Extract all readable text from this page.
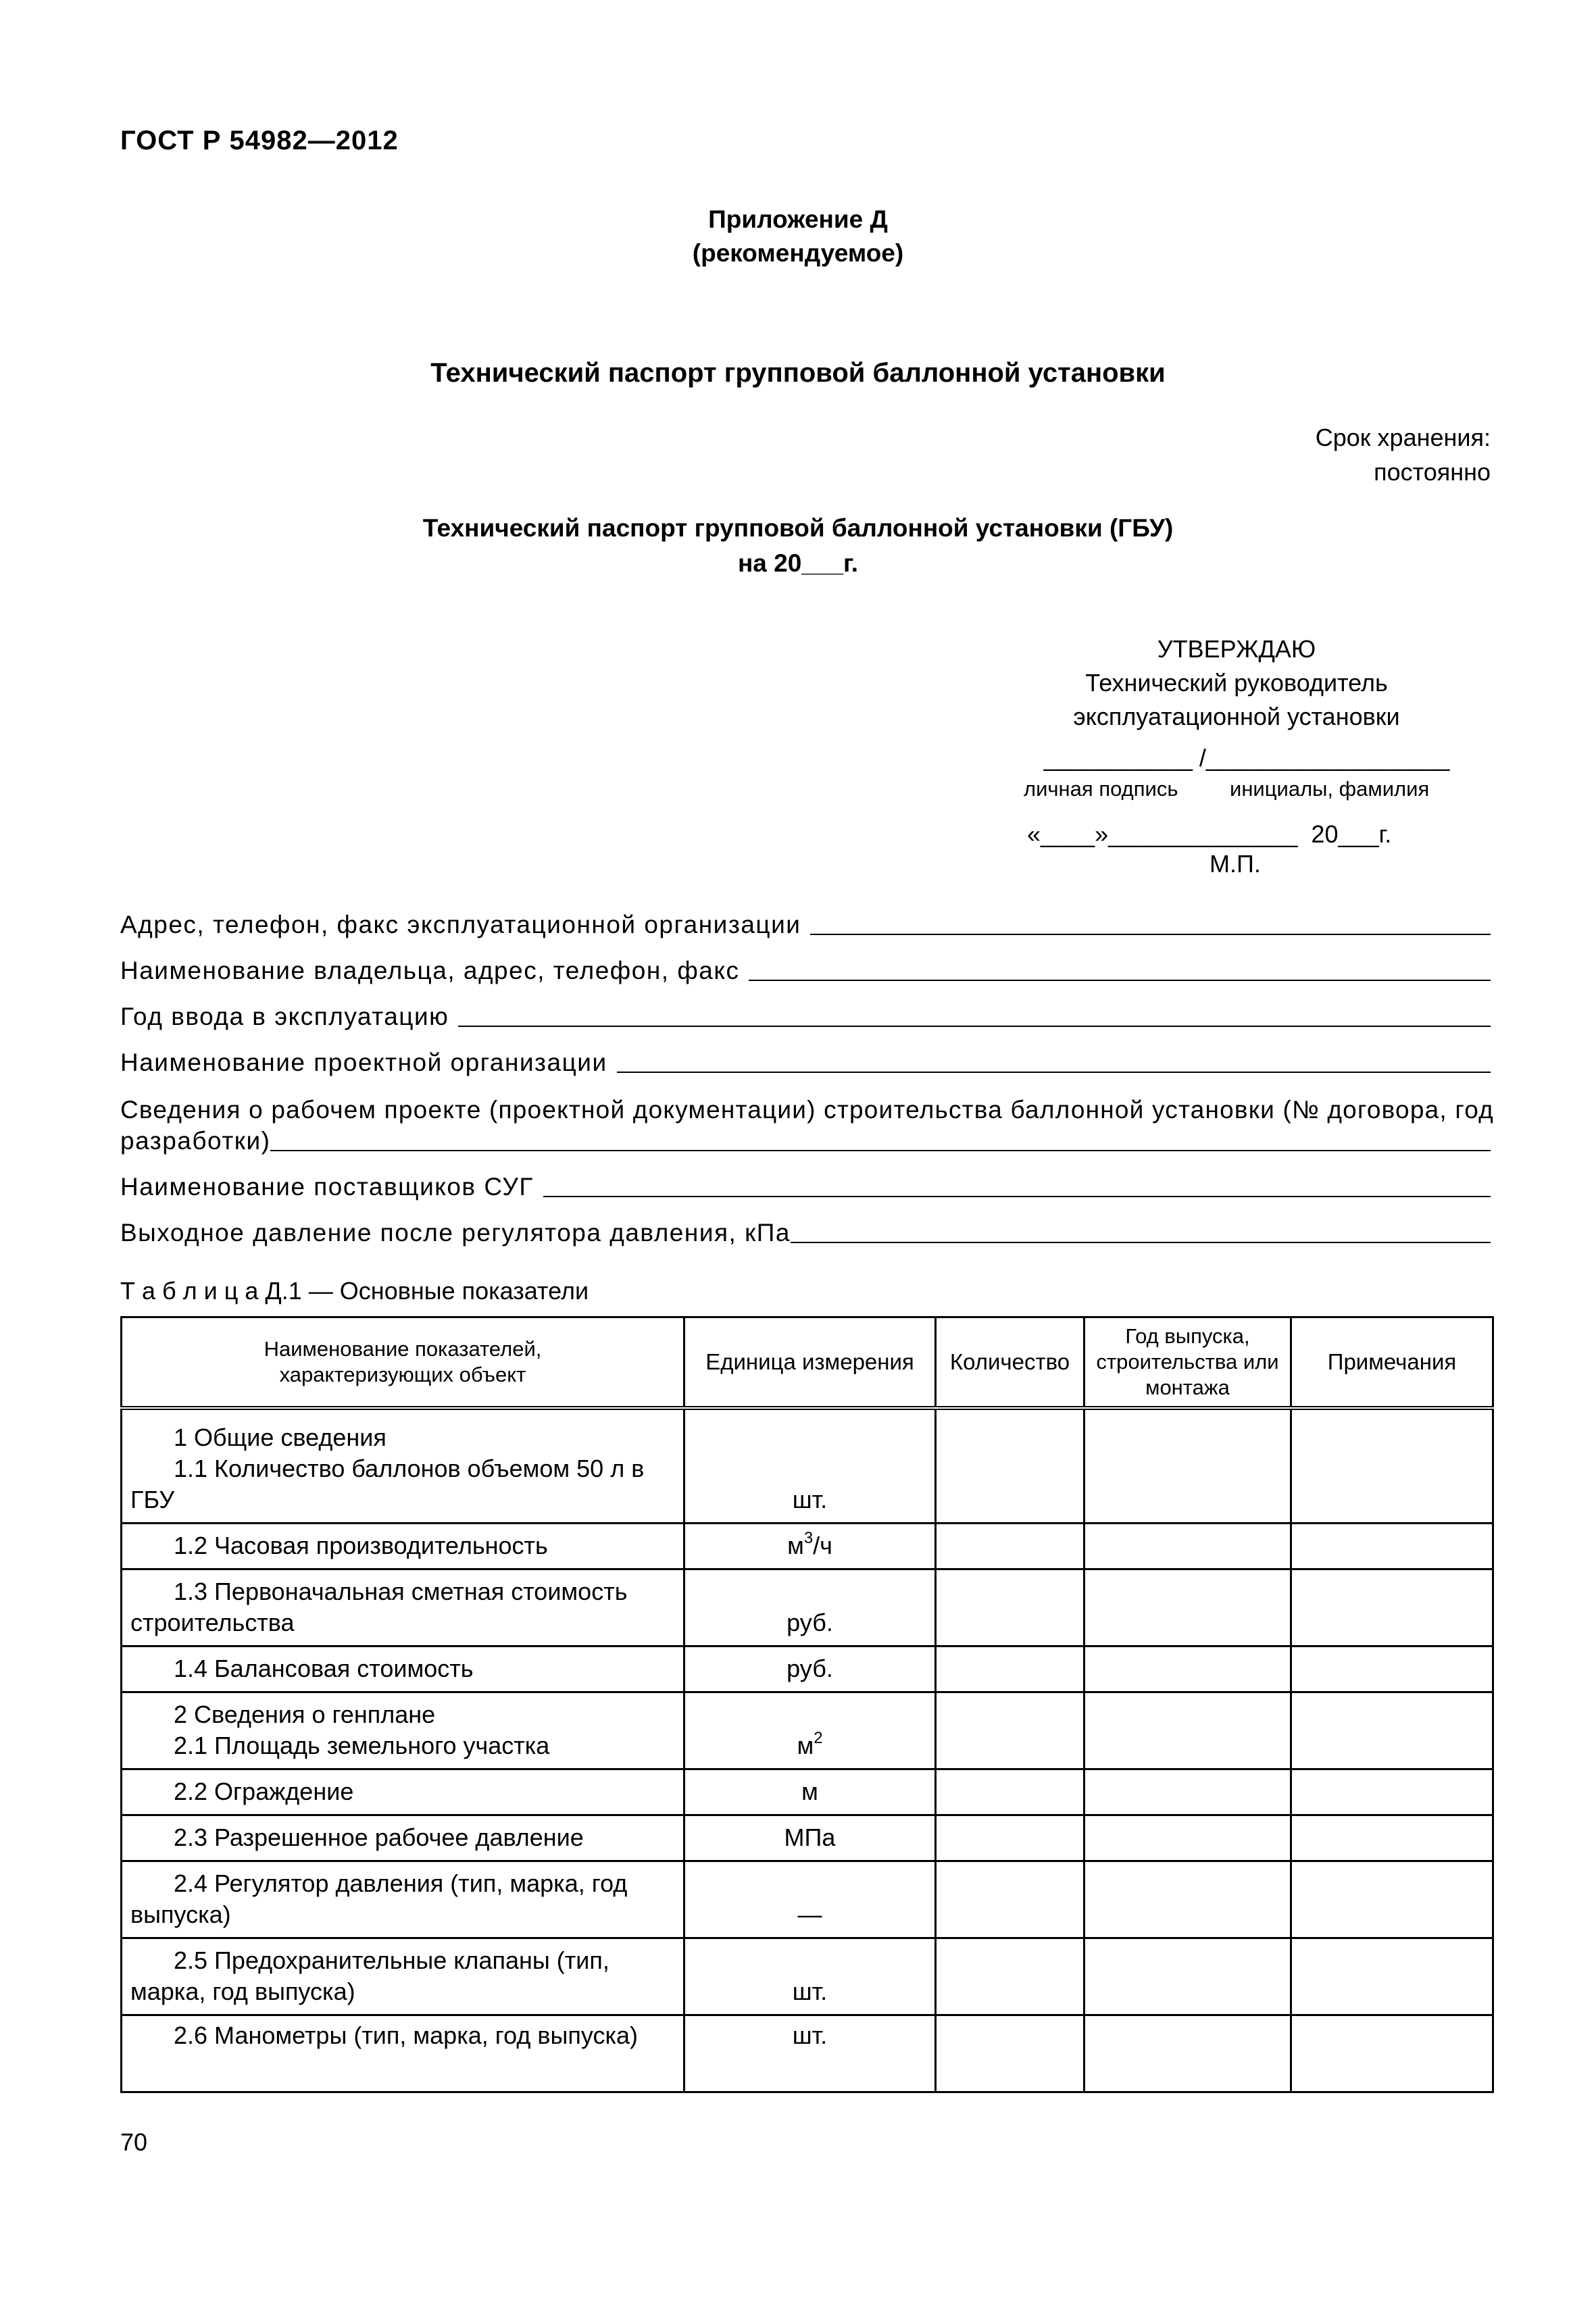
ГОСТ Р 54982—2012
Приложение Д
(рекомендуемое)
Технический паспорт групповой баллонной установки
Срок хранения:
постоянно
Технический паспорт групповой баллонной установки (ГБУ)
на 20___г.
УТВЕРЖДАЮ
Технический руководитель
эксплуатационной установки
___________ /__________________
личная подпись инициалы, фамилия
«____»______________  20___г.
М.П.
Адрес, телефон, факс эксплуатационной организации
Наименование владельца, адрес, телефон, факс
Год ввода в эксплуатацию
Наименование проектной организации
Сведения о рабочем проекте (проектной документации) строительства баллонной установки (№ договора, год
разработки)
Наименование поставщиков СУГ
Выходное давление после регулятора давления, кПа
Т а б л и ц а Д.1 — Основные показатели
Наименование показателей, характеризующих объект	Единица измерения	Количество	Год выпуска, строительства или монтажа	Примечания

1 Общие сведения
1.1 Количество баллонов объемом 50 л в
ГБУ	шт.			

1.2 Часовая производительность	$м^3/ч$			

1.3 Первоначальная сметная стоимость
строительства	руб.			

1.4 Балансовая стоимость	руб.			

2 Сведения о генплане
2.1 Площадь земельного участка	$м^2$			

2.2 Ограждение	м			

2.3 Разрешенное рабочее давление	МПа			

2.4 Регулятор давления (тип, марка, год
выпуска)	—			

2.5 Предохранительные клапаны (тип,
марка, год выпуска)	шт.			

2.6 Манометры (тип, марка, год выпуска)	шт.			
70
